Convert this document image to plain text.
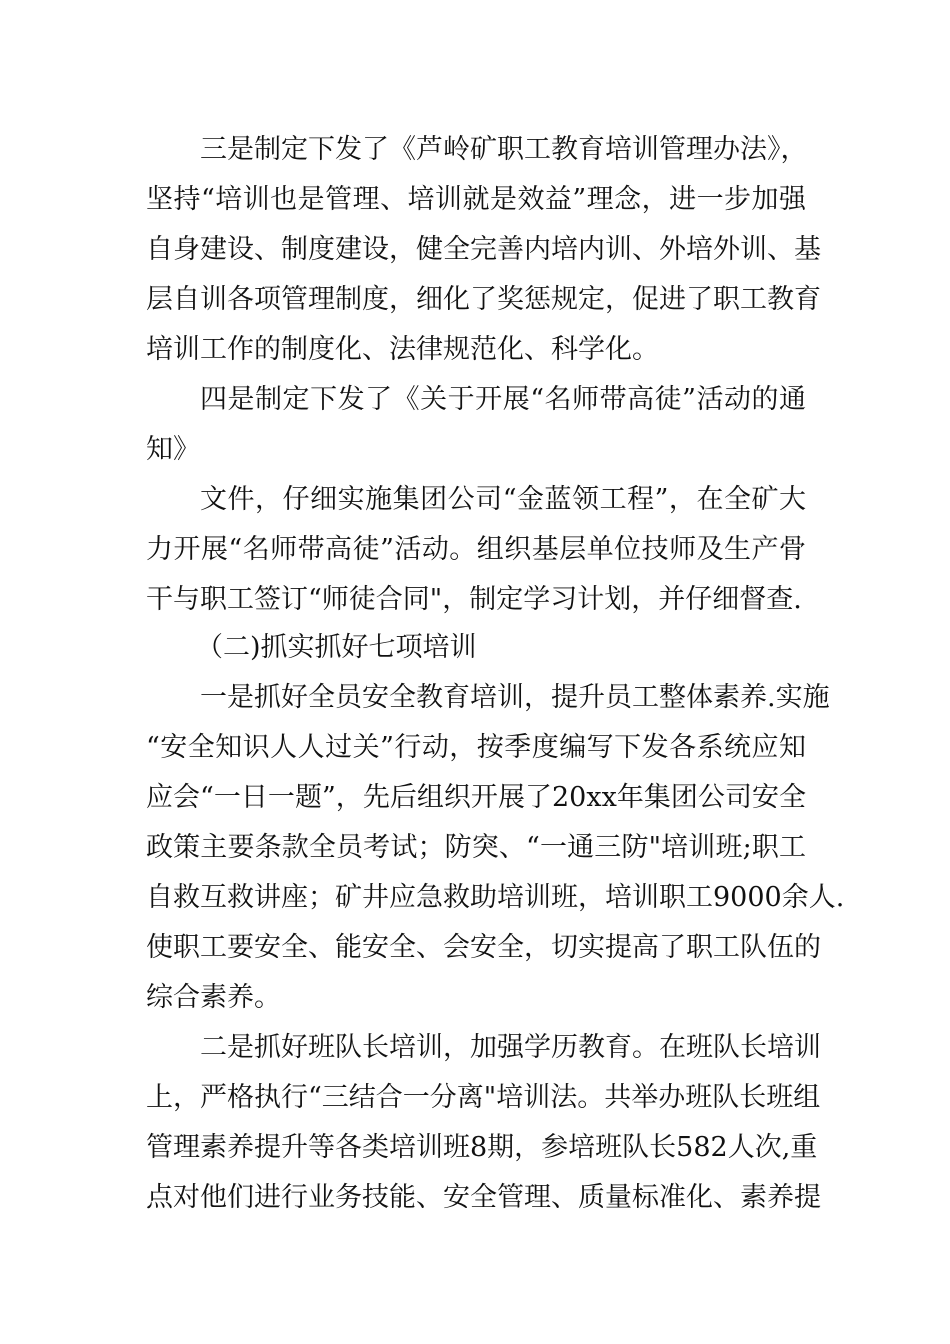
三是制定下发了《芦岭矿职工教育培训管理办法》，
坚持“培训也是管理、培训就是效益”理念，进一步加强
自身建设、制度建设，健全完善内培内训、外培外训、基
层自训各项管理制度，细化了奖惩规定，促进了职工教育
培训工作的制度化、法律规范化、科学化。
四是制定下发了《关于开展“名师带高徒”活动的通
知》
文件，仔细实施集团公司“金蓝领工程”，在全矿大
力开展“名师带高徒”活动。组织基层单位技师及生产骨
干与职工签订“师徒合同"，制定学习计划，并仔细督查.
（二)抓实抓好七项培训
一是抓好全员安全教育培训，提升员工整体素养.实施
“安全知识人人过关”行动，按季度编写下发各系统应知
应会“一日一题”，先后组织开展了20xx年集团公司安全
政策主要条款全员考试；防突、“一通三防"培训班;职工
自救互救讲座；矿井应急救助培训班，培训职工9000余人.
使职工要安全、能安全、会安全，切实提高了职工队伍的
综合素养。
二是抓好班队长培训，加强学历教育。在班队长培训
上，严格执行“三结合一分离"培训法。共举办班队长班组
管理素养提升等各类培训班8期，参培班队长582人次,重
点对他们进行业务技能、安全管理、质量标准化、素养提
